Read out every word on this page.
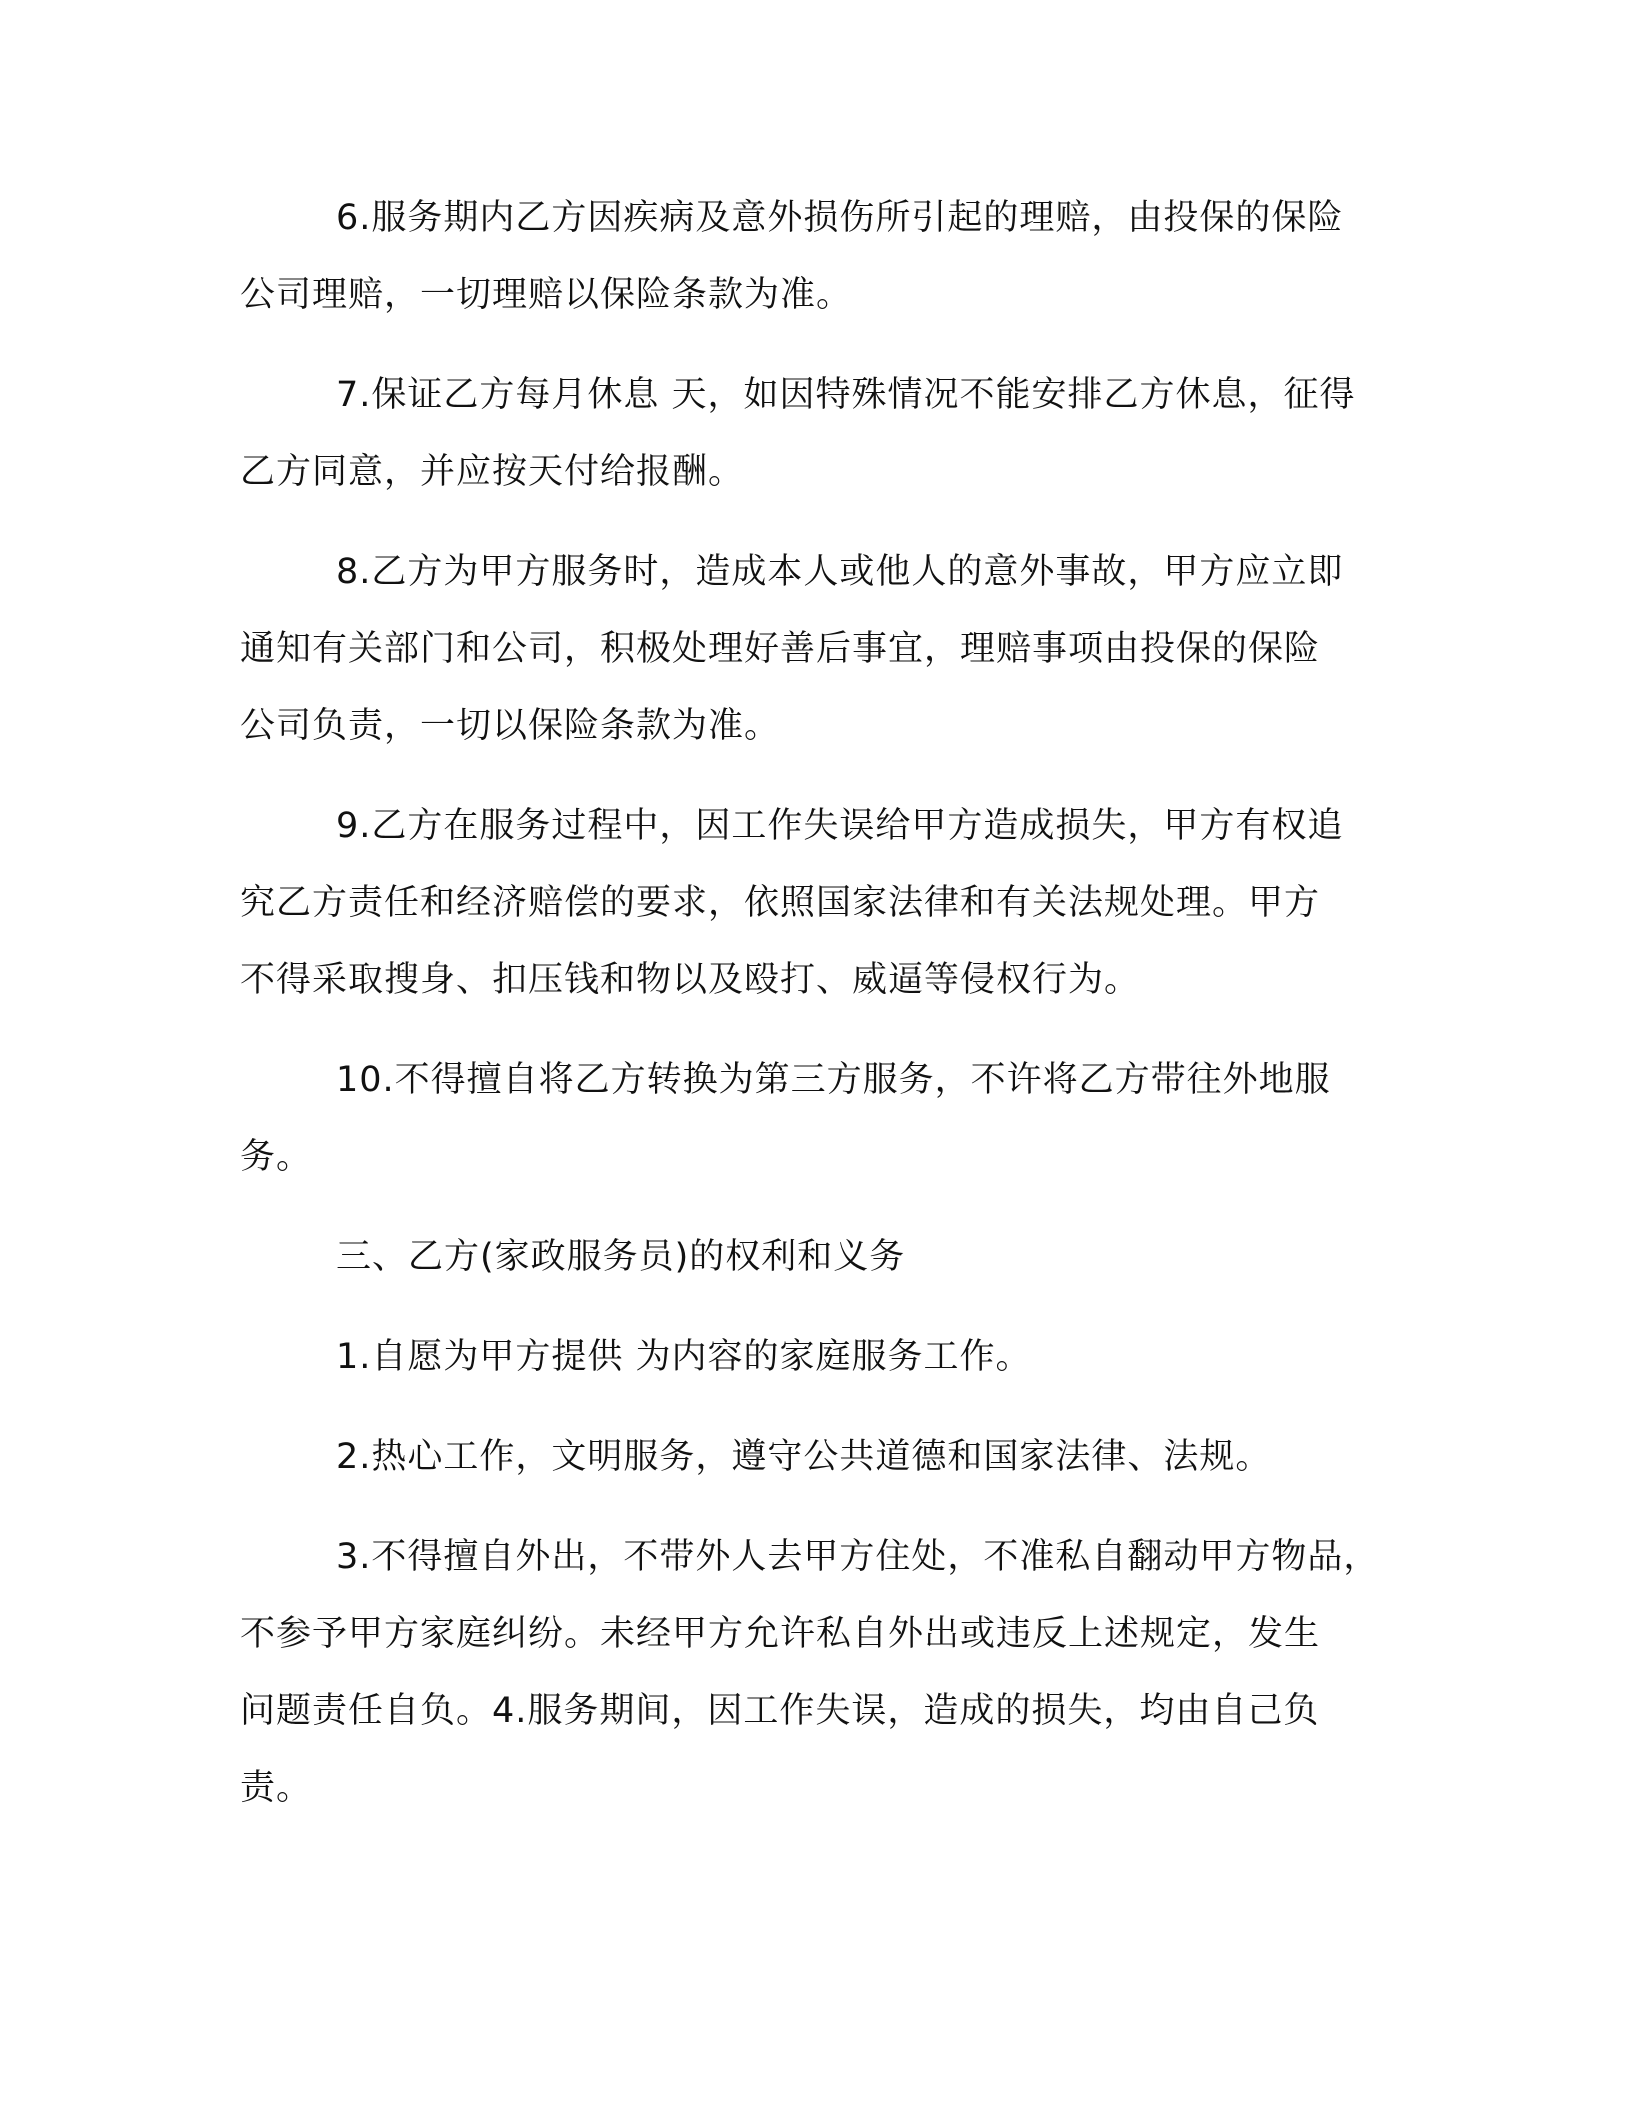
6.服务期内乙方因疾病及意外损伤所引起的理赔，由投保的保险
公司理赔，一切理赔以保险条款为准。

7.保证乙方每月休息 天，如因特殊情况不能安排乙方休息，征得
乙方同意，并应按天付给报酬。

8.乙方为甲方服务时，造成本人或他人的意外事故，甲方应立即
通知有关部门和公司，积极处理好善后事宜，理赔事项由投保的保险
公司负责，一切以保险条款为准。

9.乙方在服务过程中，因工作失误给甲方造成损失，甲方有权追
究乙方责任和经济赔偿的要求，依照国家法律和有关法规处理。甲方
不得采取搜身、扣压钱和物以及殴打、威逼等侵权行为。

10.不得擅自将乙方转换为第三方服务，不许将乙方带往外地服
务。

三、乙方(家政服务员)的权利和义务

1.自愿为甲方提供 为内容的家庭服务工作。

2.热心工作，文明服务，遵守公共道德和国家法律、法规。

3.不得擅自外出，不带外人去甲方住处，不准私自翻动甲方物品，
不参予甲方家庭纠纷。未经甲方允许私自外出或违反上述规定，发生
问题责任自负。4.服务期间，因工作失误，造成的损失，均由自己负
责。
